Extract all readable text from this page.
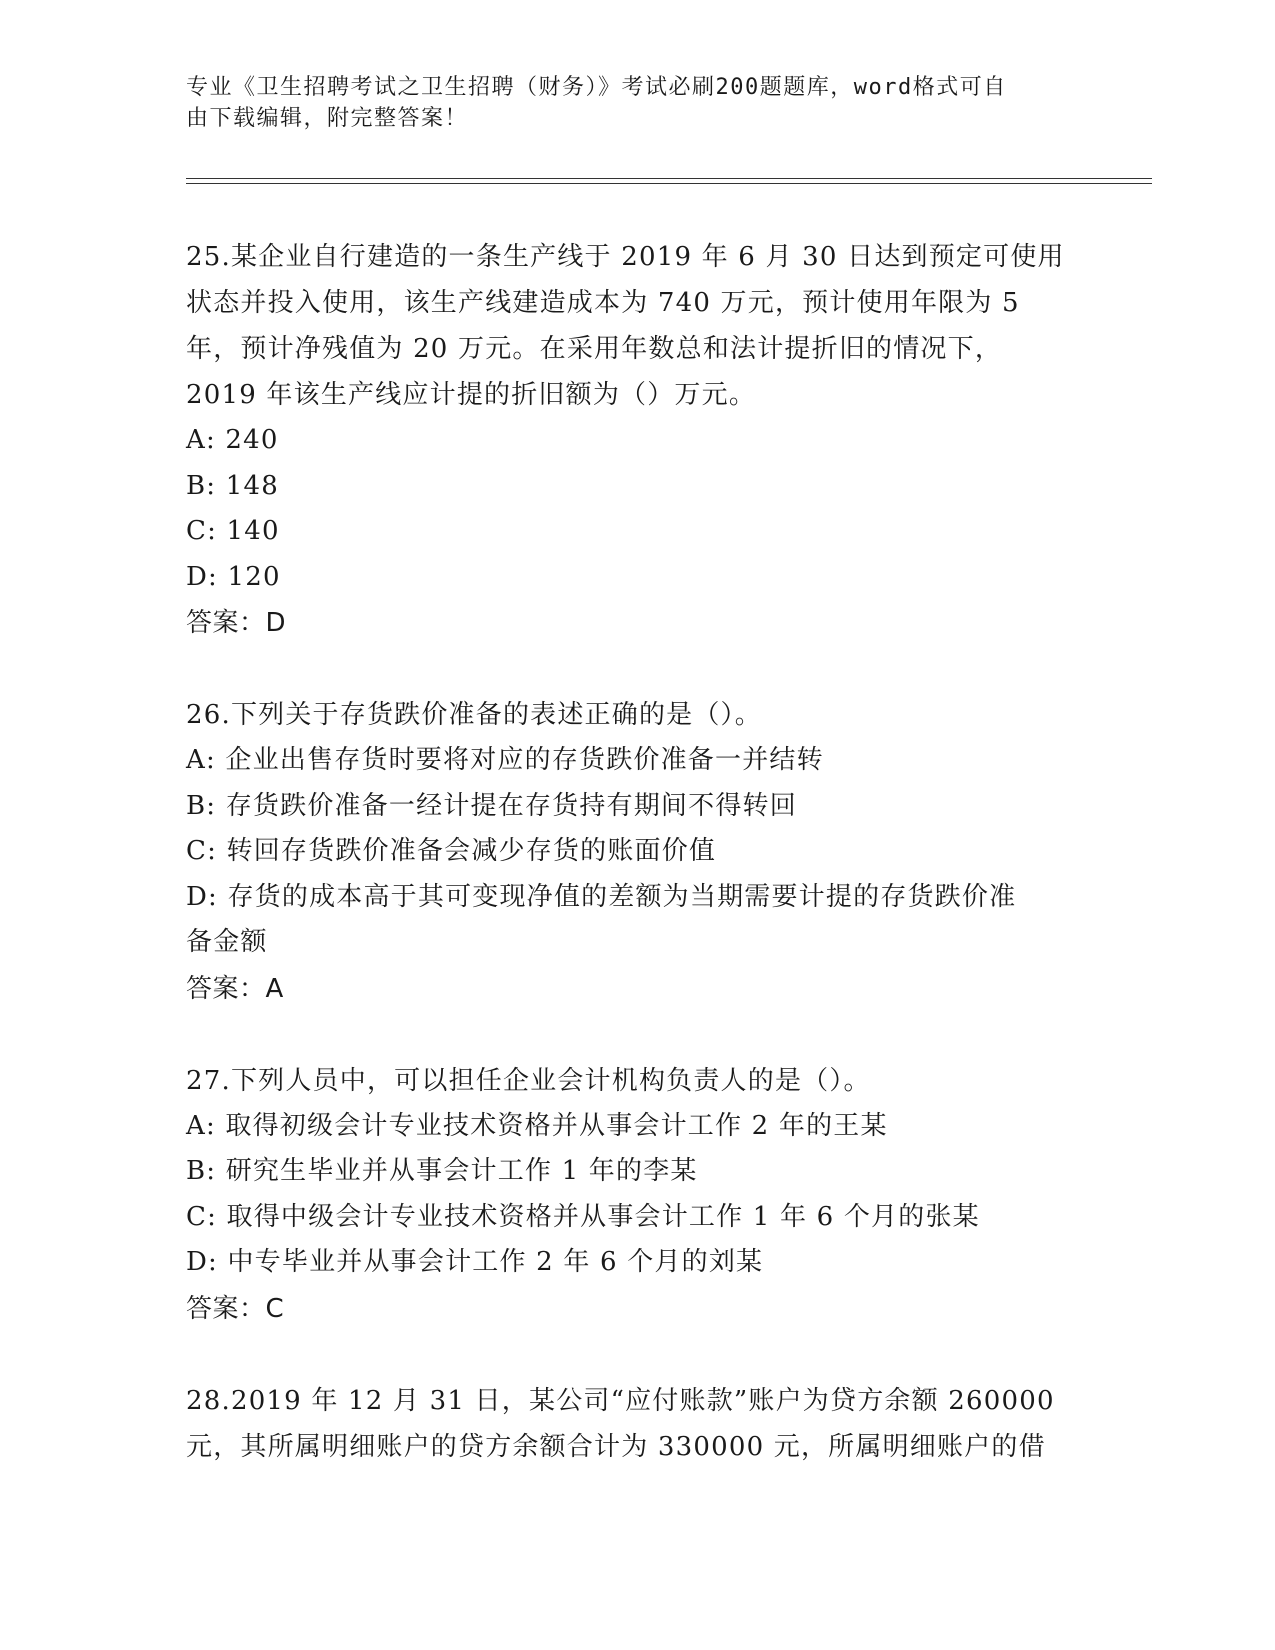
专业《卫生招聘考试之卫生招聘（财务）》考试必刷200题题库，word格式可自
由下载编辑，附完整答案！

25.某企业自行建造的一条生产线于 2019 年 6 月 30 日达到预定可使用

状态并投入使用，该生产线建造成本为 740 万元，预计使用年限为 5

年，预计净残值为 20 万元。在采用年数总和法计提折旧的情况下，

2019 年该生产线应计提的折旧额为（）万元。

A: 240

B: 148

C: 140

D: 120

答案：D

26.下列关于存货跌价准备的表述正确的是（）。

A: 企业出售存货时要将对应的存货跌价准备一并结转

B: 存货跌价准备一经计提在存货持有期间不得转回

C: 转回存货跌价准备会减少存货的账面价值

D: 存货的成本高于其可变现净值的差额为当期需要计提的存货跌价准

备金额

答案：A

27.下列人员中，可以担任企业会计机构负责人的是（）。

A: 取得初级会计专业技术资格并从事会计工作 2 年的王某

B: 研究生毕业并从事会计工作 1 年的李某

C: 取得中级会计专业技术资格并从事会计工作 1 年 6 个月的张某

D: 中专毕业并从事会计工作 2 年 6 个月的刘某

答案：C

28.2019 年 12 月 31 日，某公司“应付账款”账户为贷方余额 260000

元，其所属明细账户的贷方余额合计为 330000 元，所属明细账户的借
